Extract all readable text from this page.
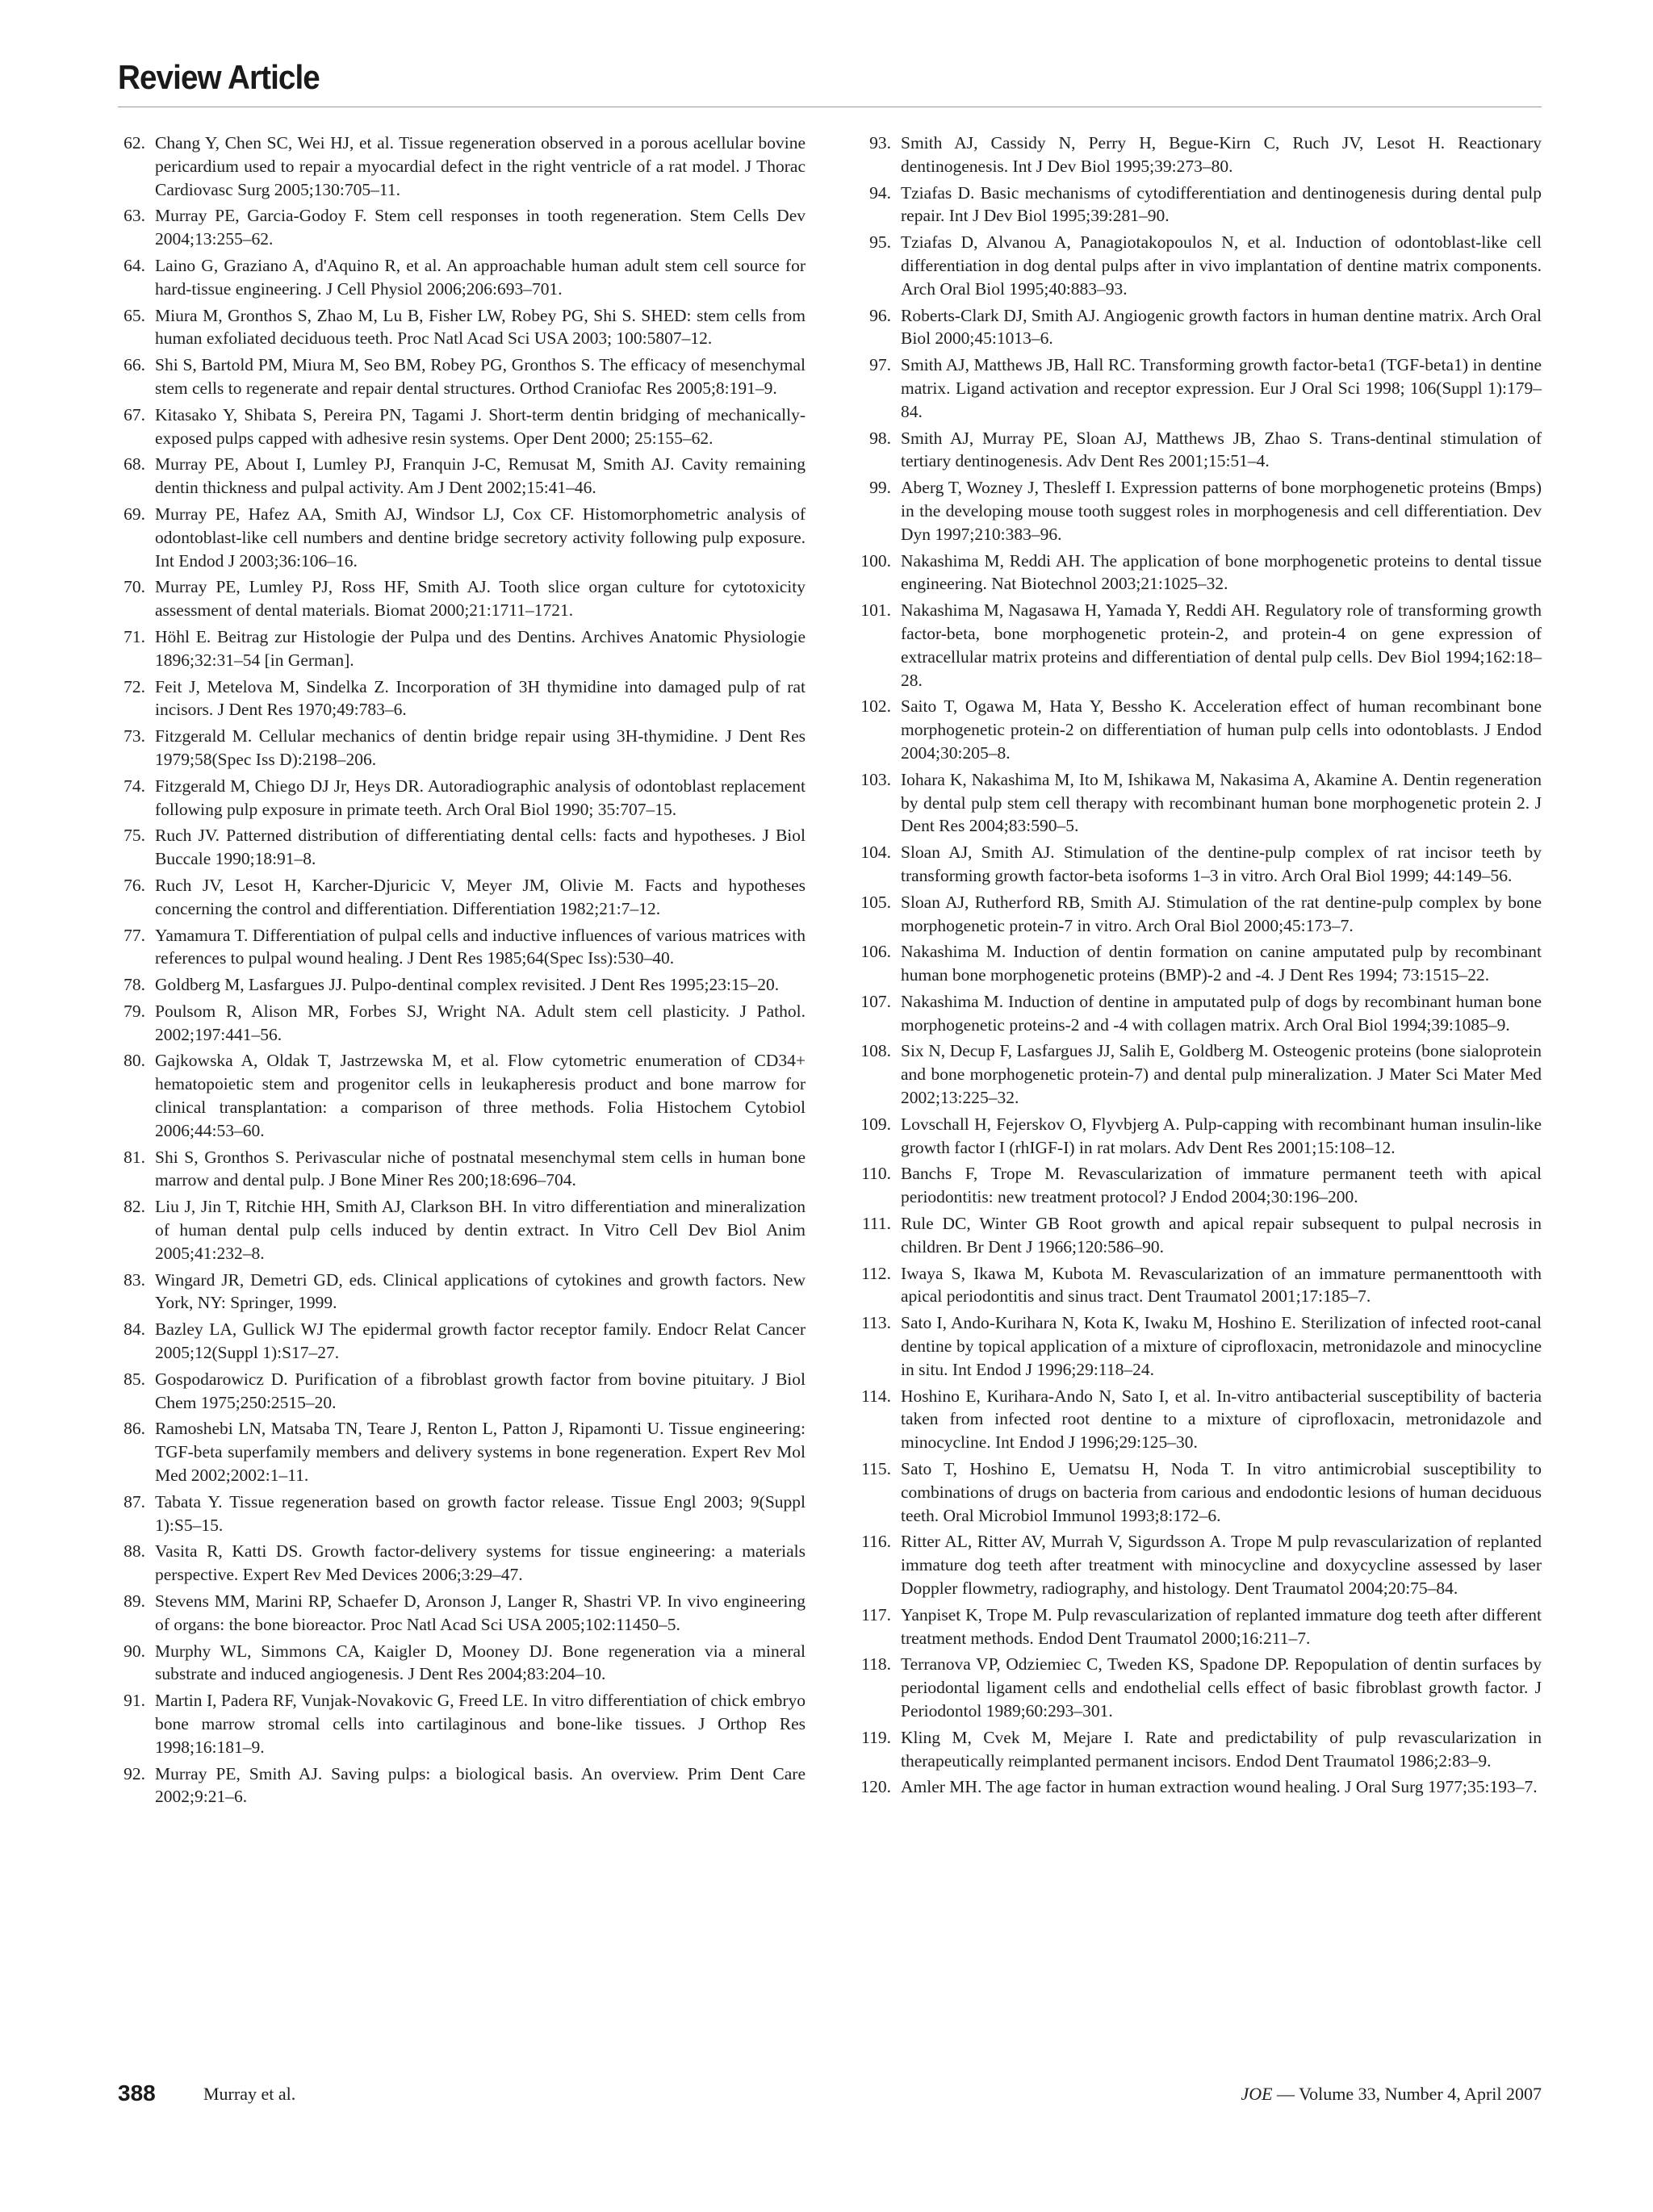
Review Article
62. Chang Y, Chen SC, Wei HJ, et al. Tissue regeneration observed in a porous acellular bovine pericardium used to repair a myocardial defect in the right ventricle of a rat model. J Thorac Cardiovasc Surg 2005;130:705–11.
63. Murray PE, Garcia-Godoy F. Stem cell responses in tooth regeneration. Stem Cells Dev 2004;13:255–62.
64. Laino G, Graziano A, d'Aquino R, et al. An approachable human adult stem cell source for hard-tissue engineering. J Cell Physiol 2006;206:693–701.
65. Miura M, Gronthos S, Zhao M, Lu B, Fisher LW, Robey PG, Shi S. SHED: stem cells from human exfoliated deciduous teeth. Proc Natl Acad Sci USA 2003; 100:5807–12.
66. Shi S, Bartold PM, Miura M, Seo BM, Robey PG, Gronthos S. The efficacy of mesenchymal stem cells to regenerate and repair dental structures. Orthod Craniofac Res 2005;8:191–9.
67. Kitasako Y, Shibata S, Pereira PN, Tagami J. Short-term dentin bridging of mechanically-exposed pulps capped with adhesive resin systems. Oper Dent 2000; 25:155–62.
68. Murray PE, About I, Lumley PJ, Franquin J-C, Remusat M, Smith AJ. Cavity remaining dentin thickness and pulpal activity. Am J Dent 2002;15:41–46.
69. Murray PE, Hafez AA, Smith AJ, Windsor LJ, Cox CF. Histomorphometric analysis of odontoblast-like cell numbers and dentine bridge secretory activity following pulp exposure. Int Endod J 2003;36:106–16.
70. Murray PE, Lumley PJ, Ross HF, Smith AJ. Tooth slice organ culture for cytotoxicity assessment of dental materials. Biomat 2000;21:1711–1721.
71. Höhl E. Beitrag zur Histologie der Pulpa und des Dentins. Archives Anatomic Physiologie 1896;32:31–54 [in German].
72. Feit J, Metelova M, Sindelka Z. Incorporation of 3H thymidine into damaged pulp of rat incisors. J Dent Res 1970;49:783–6.
73. Fitzgerald M. Cellular mechanics of dentin bridge repair using 3H-thymidine. J Dent Res 1979;58(Spec Iss D):2198–206.
74. Fitzgerald M, Chiego DJ Jr, Heys DR. Autoradiographic analysis of odontoblast replacement following pulp exposure in primate teeth. Arch Oral Biol 1990; 35:707–15.
75. Ruch JV. Patterned distribution of differentiating dental cells: facts and hypotheses. J Biol Buccale 1990;18:91–8.
76. Ruch JV, Lesot H, Karcher-Djuricic V, Meyer JM, Olivie M. Facts and hypotheses concerning the control and differentiation. Differentiation 1982;21:7–12.
77. Yamamura T. Differentiation of pulpal cells and inductive influences of various matrices with references to pulpal wound healing. J Dent Res 1985;64(Spec Iss):530–40.
78. Goldberg M, Lasfargues JJ. Pulpo-dentinal complex revisited. J Dent Res 1995;23:15–20.
79. Poulsom R, Alison MR, Forbes SJ, Wright NA. Adult stem cell plasticity. J Pathol. 2002;197:441–56.
80. Gajkowska A, Oldak T, Jastrzewska M, et al. Flow cytometric enumeration of CD34+ hematopoietic stem and progenitor cells in leukapheresis product and bone marrow for clinical transplantation: a comparison of three methods. Folia Histochem Cytobiol 2006;44:53–60.
81. Shi S, Gronthos S. Perivascular niche of postnatal mesenchymal stem cells in human bone marrow and dental pulp. J Bone Miner Res 200;18:696–704.
82. Liu J, Jin T, Ritchie HH, Smith AJ, Clarkson BH. In vitro differentiation and mineralization of human dental pulp cells induced by dentin extract. In Vitro Cell Dev Biol Anim 2005;41:232–8.
83. Wingard JR, Demetri GD, eds. Clinical applications of cytokines and growth factors. New York, NY: Springer, 1999.
84. Bazley LA, Gullick WJ The epidermal growth factor receptor family. Endocr Relat Cancer 2005;12(Suppl 1):S17–27.
85. Gospodarowicz D. Purification of a fibroblast growth factor from bovine pituitary. J Biol Chem 1975;250:2515–20.
86. Ramoshebi LN, Matsaba TN, Teare J, Renton L, Patton J, Ripamonti U. Tissue engineering: TGF-beta superfamily members and delivery systems in bone regeneration. Expert Rev Mol Med 2002;2002:1–11.
87. Tabata Y. Tissue regeneration based on growth factor release. Tissue Engl 2003; 9(Suppl 1):S5–15.
88. Vasita R, Katti DS. Growth factor-delivery systems for tissue engineering: a materials perspective. Expert Rev Med Devices 2006;3:29–47.
89. Stevens MM, Marini RP, Schaefer D, Aronson J, Langer R, Shastri VP. In vivo engineering of organs: the bone bioreactor. Proc Natl Acad Sci USA 2005;102:11450–5.
90. Murphy WL, Simmons CA, Kaigler D, Mooney DJ. Bone regeneration via a mineral substrate and induced angiogenesis. J Dent Res 2004;83:204–10.
91. Martin I, Padera RF, Vunjak-Novakovic G, Freed LE. In vitro differentiation of chick embryo bone marrow stromal cells into cartilaginous and bone-like tissues. J Orthop Res 1998;16:181–9.
92. Murray PE, Smith AJ. Saving pulps: a biological basis. An overview. Prim Dent Care 2002;9:21–6.
93. Smith AJ, Cassidy N, Perry H, Begue-Kirn C, Ruch JV, Lesot H. Reactionary dentinogenesis. Int J Dev Biol 1995;39:273–80.
94. Tziafas D. Basic mechanisms of cytodifferentiation and dentinogenesis during dental pulp repair. Int J Dev Biol 1995;39:281–90.
95. Tziafas D, Alvanou A, Panagiotakopoulos N, et al. Induction of odontoblast-like cell differentiation in dog dental pulps after in vivo implantation of dentine matrix components. Arch Oral Biol 1995;40:883–93.
96. Roberts-Clark DJ, Smith AJ. Angiogenic growth factors in human dentine matrix. Arch Oral Biol 2000;45:1013–6.
97. Smith AJ, Matthews JB, Hall RC. Transforming growth factor-beta1 (TGF-beta1) in dentine matrix. Ligand activation and receptor expression. Eur J Oral Sci 1998; 106(Suppl 1):179–84.
98. Smith AJ, Murray PE, Sloan AJ, Matthews JB, Zhao S. Trans-dentinal stimulation of tertiary dentinogenesis. Adv Dent Res 2001;15:51–4.
99. Aberg T, Wozney J, Thesleff I. Expression patterns of bone morphogenetic proteins (Bmps) in the developing mouse tooth suggest roles in morphogenesis and cell differentiation. Dev Dyn 1997;210:383–96.
100. Nakashima M, Reddi AH. The application of bone morphogenetic proteins to dental tissue engineering. Nat Biotechnol 2003;21:1025–32.
101. Nakashima M, Nagasawa H, Yamada Y, Reddi AH. Regulatory role of transforming growth factor-beta, bone morphogenetic protein-2, and protein-4 on gene expression of extracellular matrix proteins and differentiation of dental pulp cells. Dev Biol 1994;162:18–28.
102. Saito T, Ogawa M, Hata Y, Bessho K. Acceleration effect of human recombinant bone morphogenetic protein-2 on differentiation of human pulp cells into odontoblasts. J Endod 2004;30:205–8.
103. Iohara K, Nakashima M, Ito M, Ishikawa M, Nakasima A, Akamine A. Dentin regeneration by dental pulp stem cell therapy with recombinant human bone morphogenetic protein 2. J Dent Res 2004;83:590–5.
104. Sloan AJ, Smith AJ. Stimulation of the dentine-pulp complex of rat incisor teeth by transforming growth factor-beta isoforms 1–3 in vitro. Arch Oral Biol 1999; 44:149–56.
105. Sloan AJ, Rutherford RB, Smith AJ. Stimulation of the rat dentine-pulp complex by bone morphogenetic protein-7 in vitro. Arch Oral Biol 2000;45:173–7.
106. Nakashima M. Induction of dentin formation on canine amputated pulp by recombinant human bone morphogenetic proteins (BMP)-2 and -4. J Dent Res 1994; 73:1515–22.
107. Nakashima M. Induction of dentine in amputated pulp of dogs by recombinant human bone morphogenetic proteins-2 and -4 with collagen matrix. Arch Oral Biol 1994;39:1085–9.
108. Six N, Decup F, Lasfargues JJ, Salih E, Goldberg M. Osteogenic proteins (bone sialoprotein and bone morphogenetic protein-7) and dental pulp mineralization. J Mater Sci Mater Med 2002;13:225–32.
109. Lovschall H, Fejerskov O, Flyvbjerg A. Pulp-capping with recombinant human insulin-like growth factor I (rhIGF-I) in rat molars. Adv Dent Res 2001;15:108–12.
110. Banchs F, Trope M. Revascularization of immature permanent teeth with apical periodontitis: new treatment protocol? J Endod 2004;30:196–200.
111. Rule DC, Winter GB Root growth and apical repair subsequent to pulpal necrosis in children. Br Dent J 1966;120:586–90.
112. Iwaya S, Ikawa M, Kubota M. Revascularization of an immature permanenttooth with apical periodontitis and sinus tract. Dent Traumatol 2001;17:185–7.
113. Sato I, Ando-Kurihara N, Kota K, Iwaku M, Hoshino E. Sterilization of infected root-canal dentine by topical application of a mixture of ciprofloxacin, metronidazole and minocycline in situ. Int Endod J 1996;29:118–24.
114. Hoshino E, Kurihara-Ando N, Sato I, et al. In-vitro antibacterial susceptibility of bacteria taken from infected root dentine to a mixture of ciprofloxacin, metronidazole and minocycline. Int Endod J 1996;29:125–30.
115. Sato T, Hoshino E, Uematsu H, Noda T. In vitro antimicrobial susceptibility to combinations of drugs on bacteria from carious and endodontic lesions of human deciduous teeth. Oral Microbiol Immunol 1993;8:172–6.
116. Ritter AL, Ritter AV, Murrah V, Sigurdsson A. Trope M pulp revascularization of replanted immature dog teeth after treatment with minocycline and doxycycline assessed by laser Doppler flowmetry, radiography, and histology. Dent Traumatol 2004;20:75–84.
117. Yanpiset K, Trope M. Pulp revascularization of replanted immature dog teeth after different treatment methods. Endod Dent Traumatol 2000;16:211–7.
118. Terranova VP, Odziemiec C, Tweden KS, Spadone DP. Repopulation of dentin surfaces by periodontal ligament cells and endothelial cells effect of basic fibroblast growth factor. J Periodontol 1989;60:293–301.
119. Kling M, Cvek M, Mejare I. Rate and predictability of pulp revascularization in therapeutically reimplanted permanent incisors. Endod Dent Traumatol 1986;2:83–9.
120. Amler MH. The age factor in human extraction wound healing. J Oral Surg 1977;35:193–7.
388	Murray et al.	JOE — Volume 33, Number 4, April 2007
